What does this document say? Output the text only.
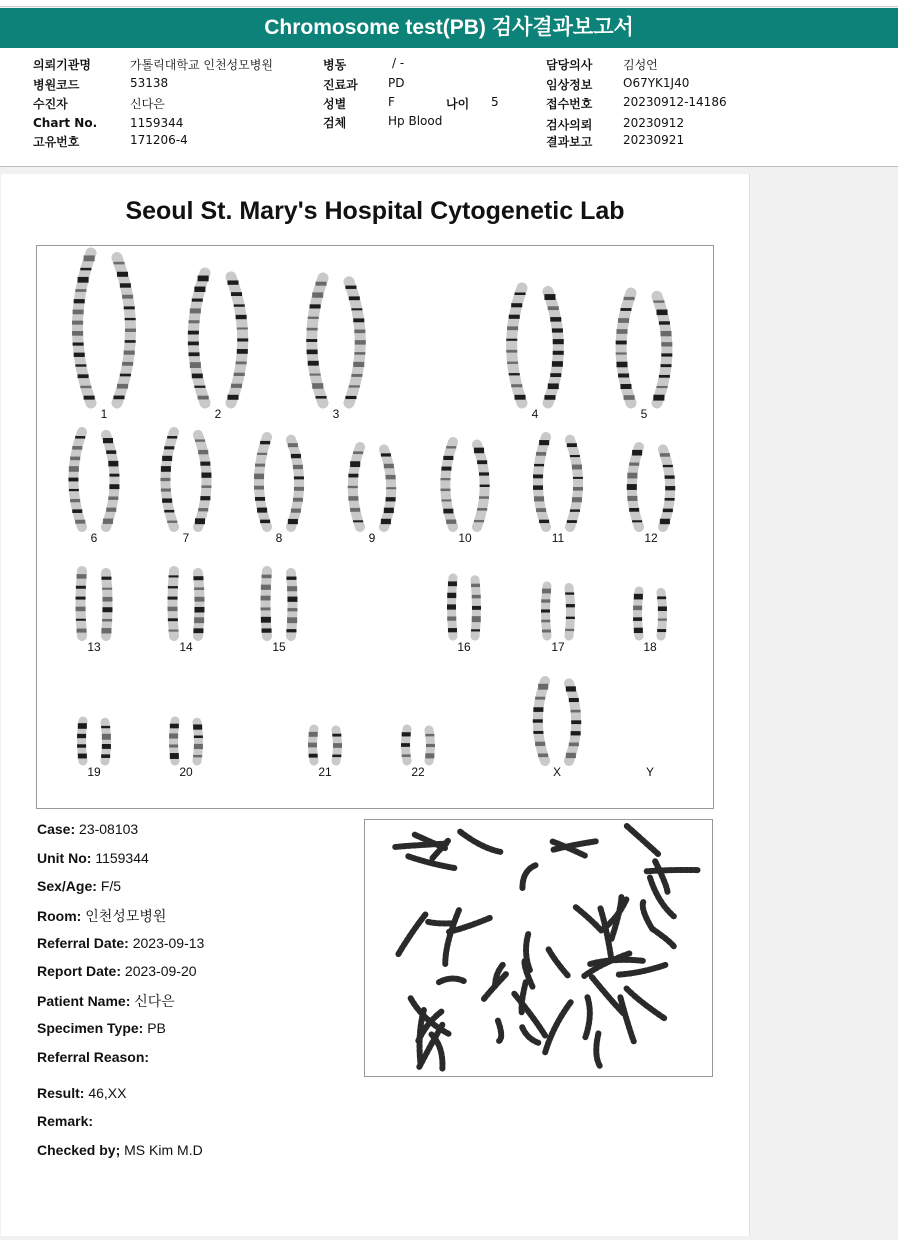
Chromosome test(PB) 검사결과보고서
의뢰기관명	가톨릭대학교 인천성모병원
병원코드	53138
수진자	신다은
Chart No.	1159344
고유번호	171206-4
병동	/ -
진료과	PD
성별	F	나이 5
검체	Hp Blood
담당의사	김성언
임상정보	O67YK1J40
접수번호	20230912-14186
검사의뢰	20230912
결과보고	20230921
Seoul St. Mary's Hospital Cytogenetic Lab
1	2	3	4	5
6	7	8	9	10	11	12
13	14	15	16	17	18
19	20	21	22	X	Y
Case: 23-08103
Unit No: 1159344
Sex/Age: F/5
Room: 인천성모병원
Referral Date: 2023-09-13
Report Date: 2023-09-20
Patient Name: 신다은
Specimen Type: PB
Referral Reason:
Result: 46,XX
Remark:
Checked by; MS Kim M.D
